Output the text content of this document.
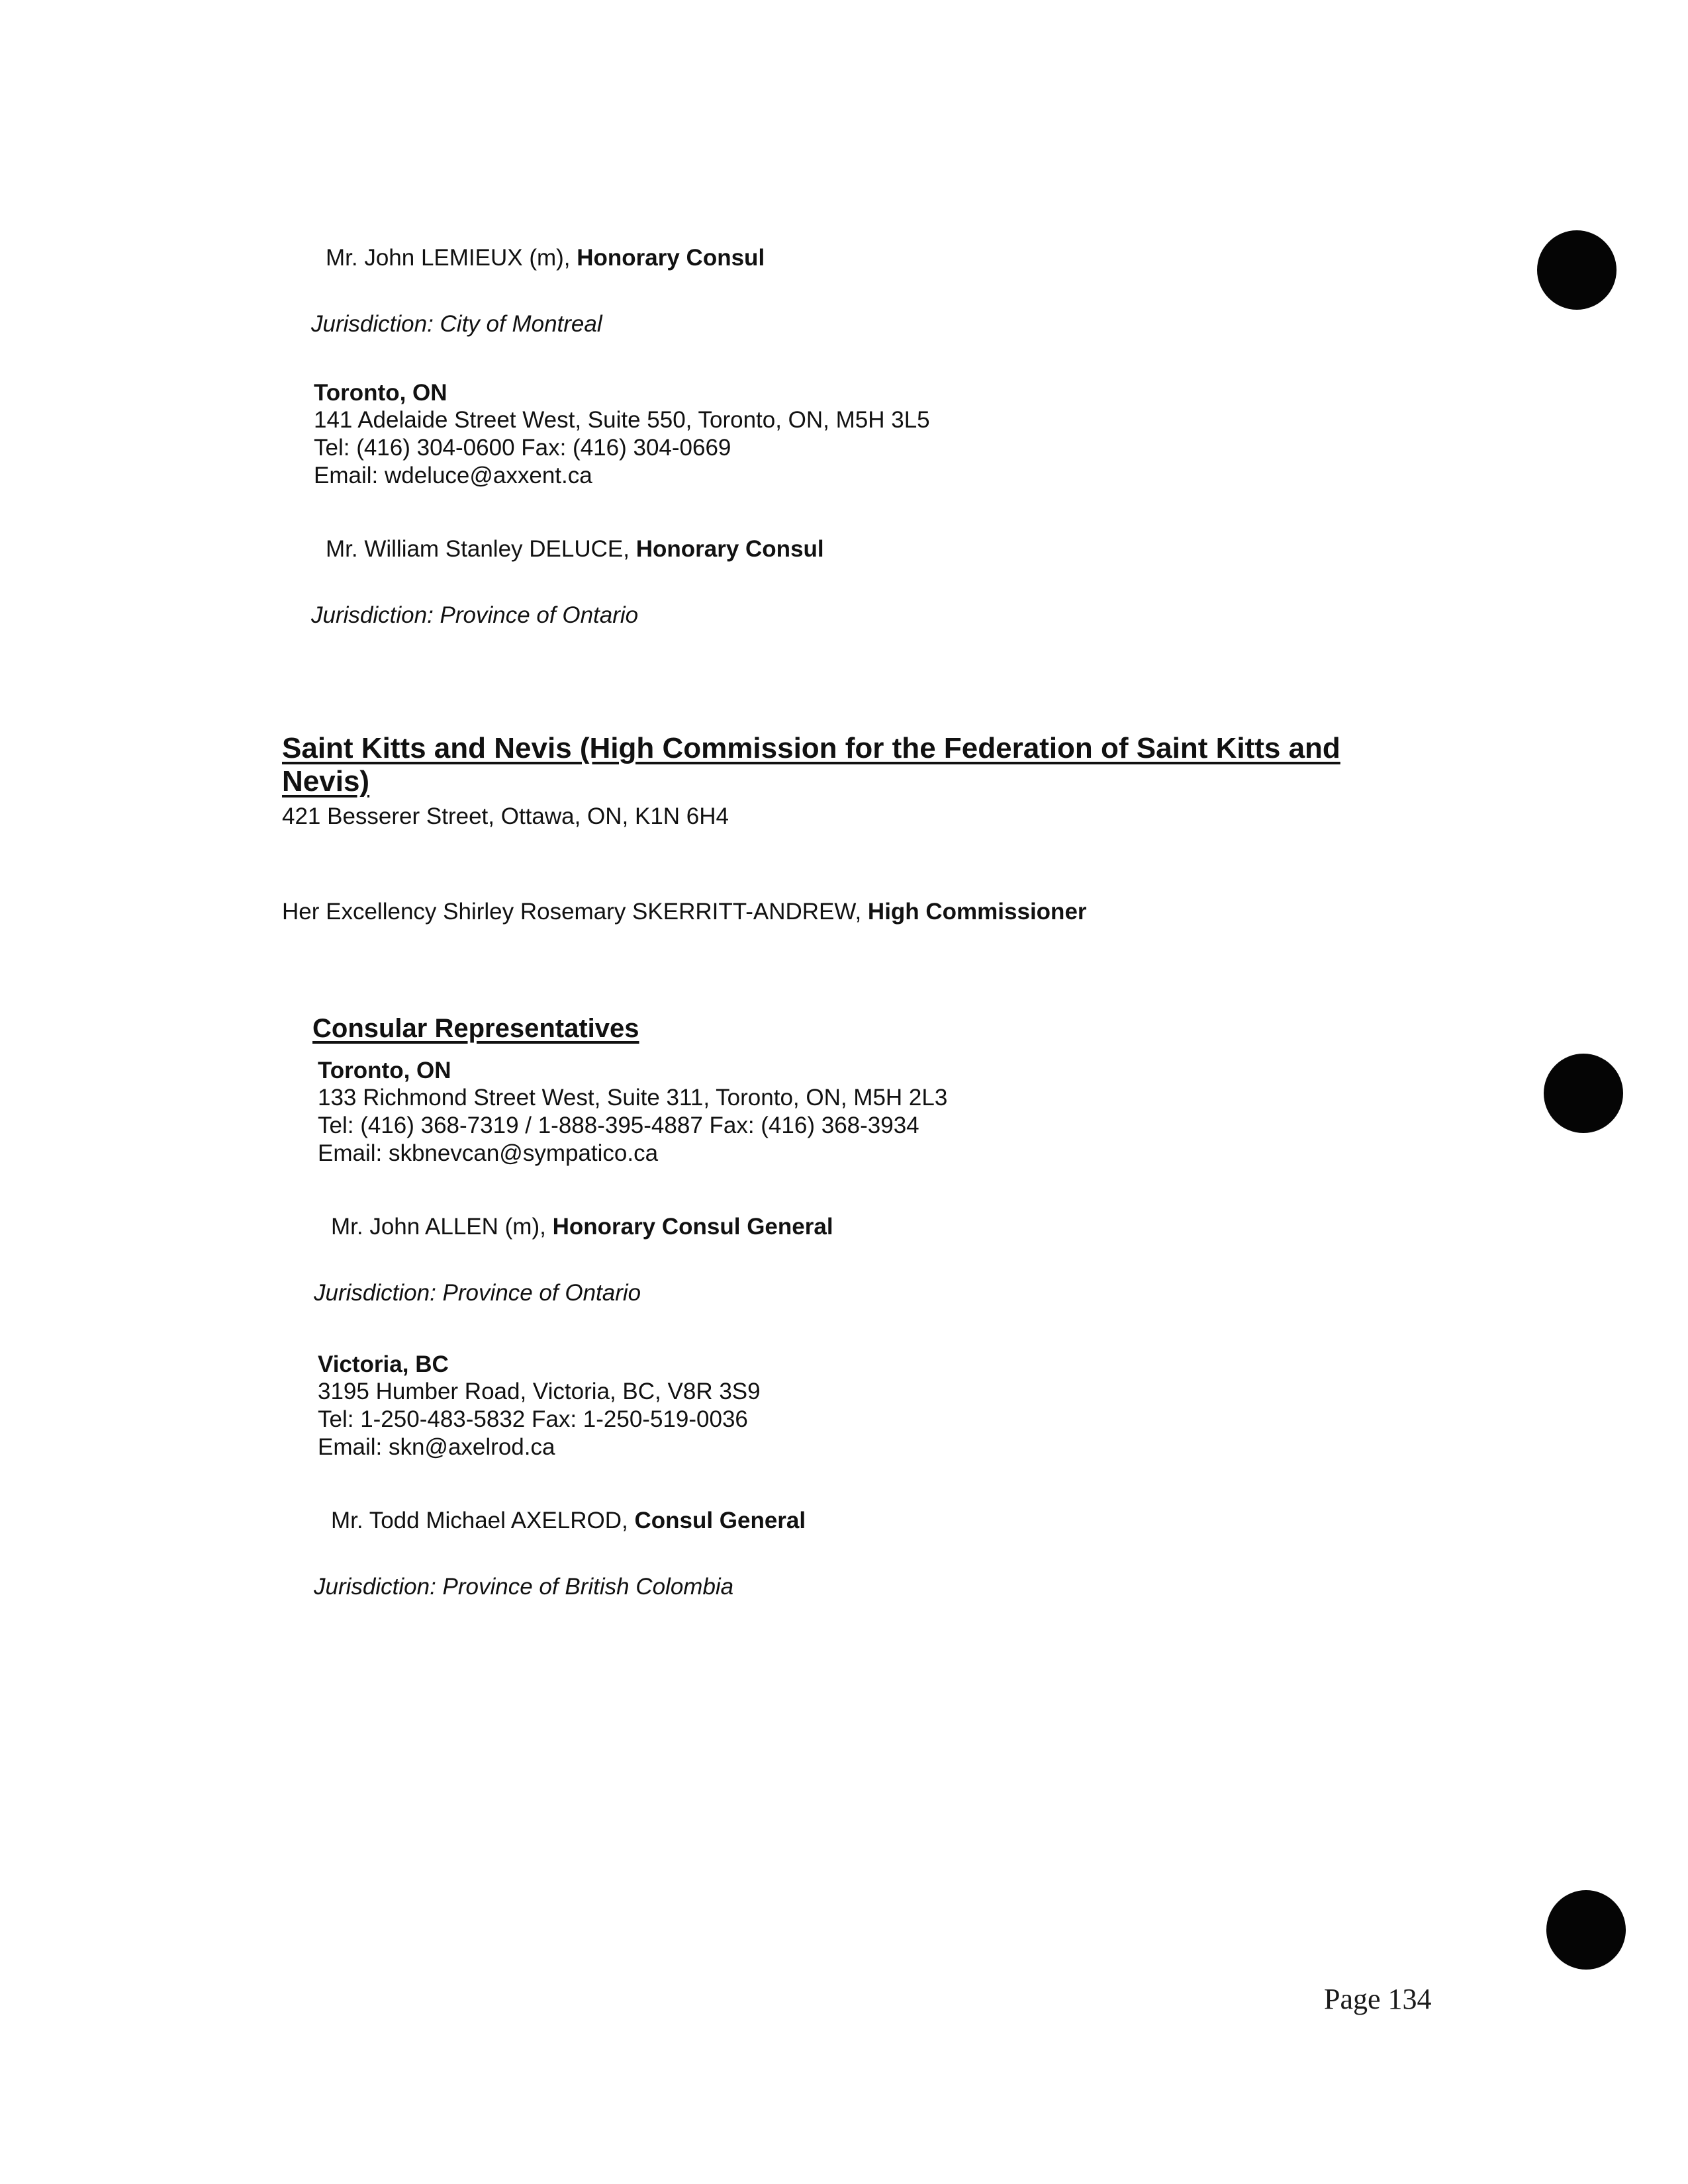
Mr. John LEMIEUX (m), Honorary Consul
Jurisdiction: City of Montreal
Toronto, ON
141 Adelaide Street West, Suite 550, Toronto, ON, M5H 3L5
Tel: (416) 304-0600 Fax: (416) 304-0669
Email: wdeluce@axxent.ca
Mr. William Stanley DELUCE, Honorary Consul
Jurisdiction: Province of Ontario
Saint Kitts and Nevis (High Commission for the Federation of Saint Kitts and Nevis)
421 Besserer Street, Ottawa, ON, K1N 6H4
Her Excellency Shirley Rosemary SKERRITT-ANDREW, High Commissioner
Consular Representatives
Toronto, ON
133 Richmond Street West, Suite 311, Toronto, ON, M5H 2L3
Tel: (416) 368-7319 / 1-888-395-4887 Fax: (416) 368-3934
Email: skbnevcan@sympatico.ca
Mr. John ALLEN (m), Honorary Consul General
Jurisdiction: Province of Ontario
Victoria, BC
3195 Humber Road, Victoria, BC, V8R 3S9
Tel: 1-250-483-5832 Fax: 1-250-519-0036
Email: skn@axelrod.ca
Mr. Todd Michael AXELROD, Consul General
Jurisdiction: Province of British Colombia
Page 134
